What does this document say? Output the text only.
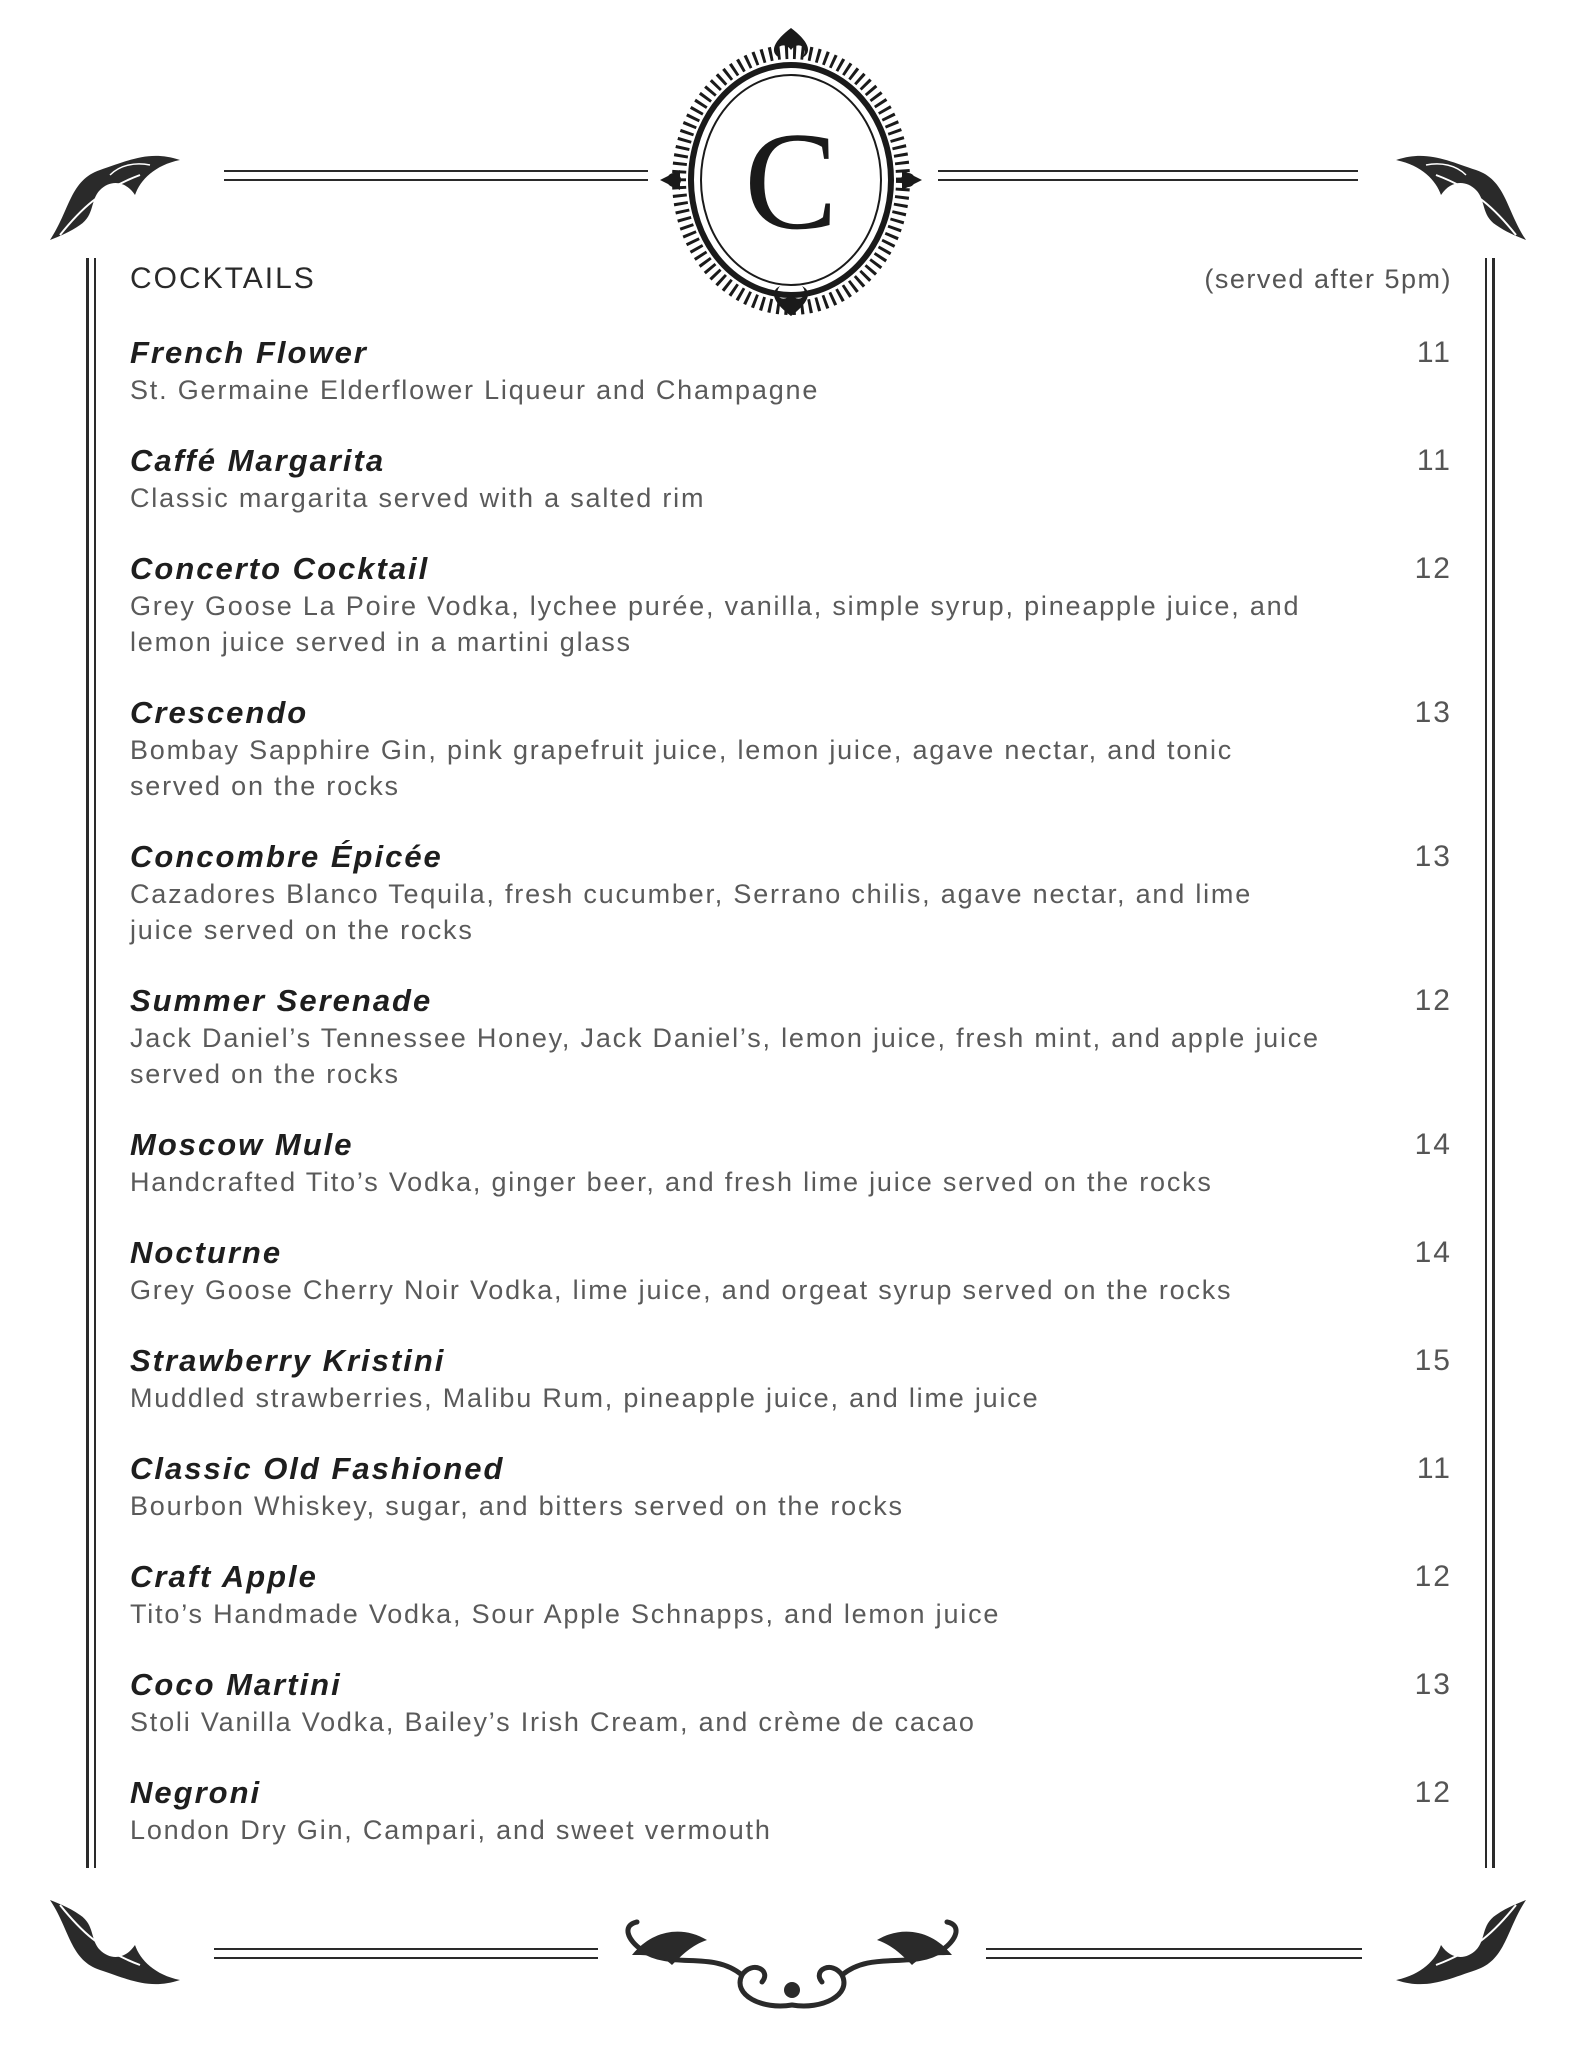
C
COCKTAILS	(served after 5pm)
French Flower	11
St. Germaine Elderflower Liqueur and Champagne
Caffé Margarita	11
Classic margarita served with a salted rim
Concerto Cocktail	12
Grey Goose La Poire Vodka, lychee purée, vanilla, simple syrup, pineapple juice, and lemon juice served in a martini glass
Crescendo	13
Bombay Sapphire Gin, pink grapefruit juice, lemon juice, agave nectar, and tonic served on the rocks
Concombre Épicée	13
Cazadores Blanco Tequila, fresh cucumber, Serrano chilis, agave nectar, and lime juice served on the rocks
Summer Serenade	12
Jack Daniel’s Tennessee Honey, Jack Daniel’s, lemon juice, fresh mint, and apple juice served on the rocks
Moscow Mule	14
Handcrafted Tito’s Vodka, ginger beer, and fresh lime juice served on the rocks
Nocturne	14
Grey Goose Cherry Noir Vodka, lime juice, and orgeat syrup served on the rocks
Strawberry Kristini	15
Muddled strawberries, Malibu Rum, pineapple juice, and lime juice
Classic Old Fashioned	11
Bourbon Whiskey, sugar, and bitters served on the rocks
Craft Apple	12
Tito’s Handmade Vodka, Sour Apple Schnapps, and lemon juice
Coco Martini	13
Stoli Vanilla Vodka, Bailey’s Irish Cream, and crème de cacao
Negroni	12
London Dry Gin, Campari, and sweet vermouth
